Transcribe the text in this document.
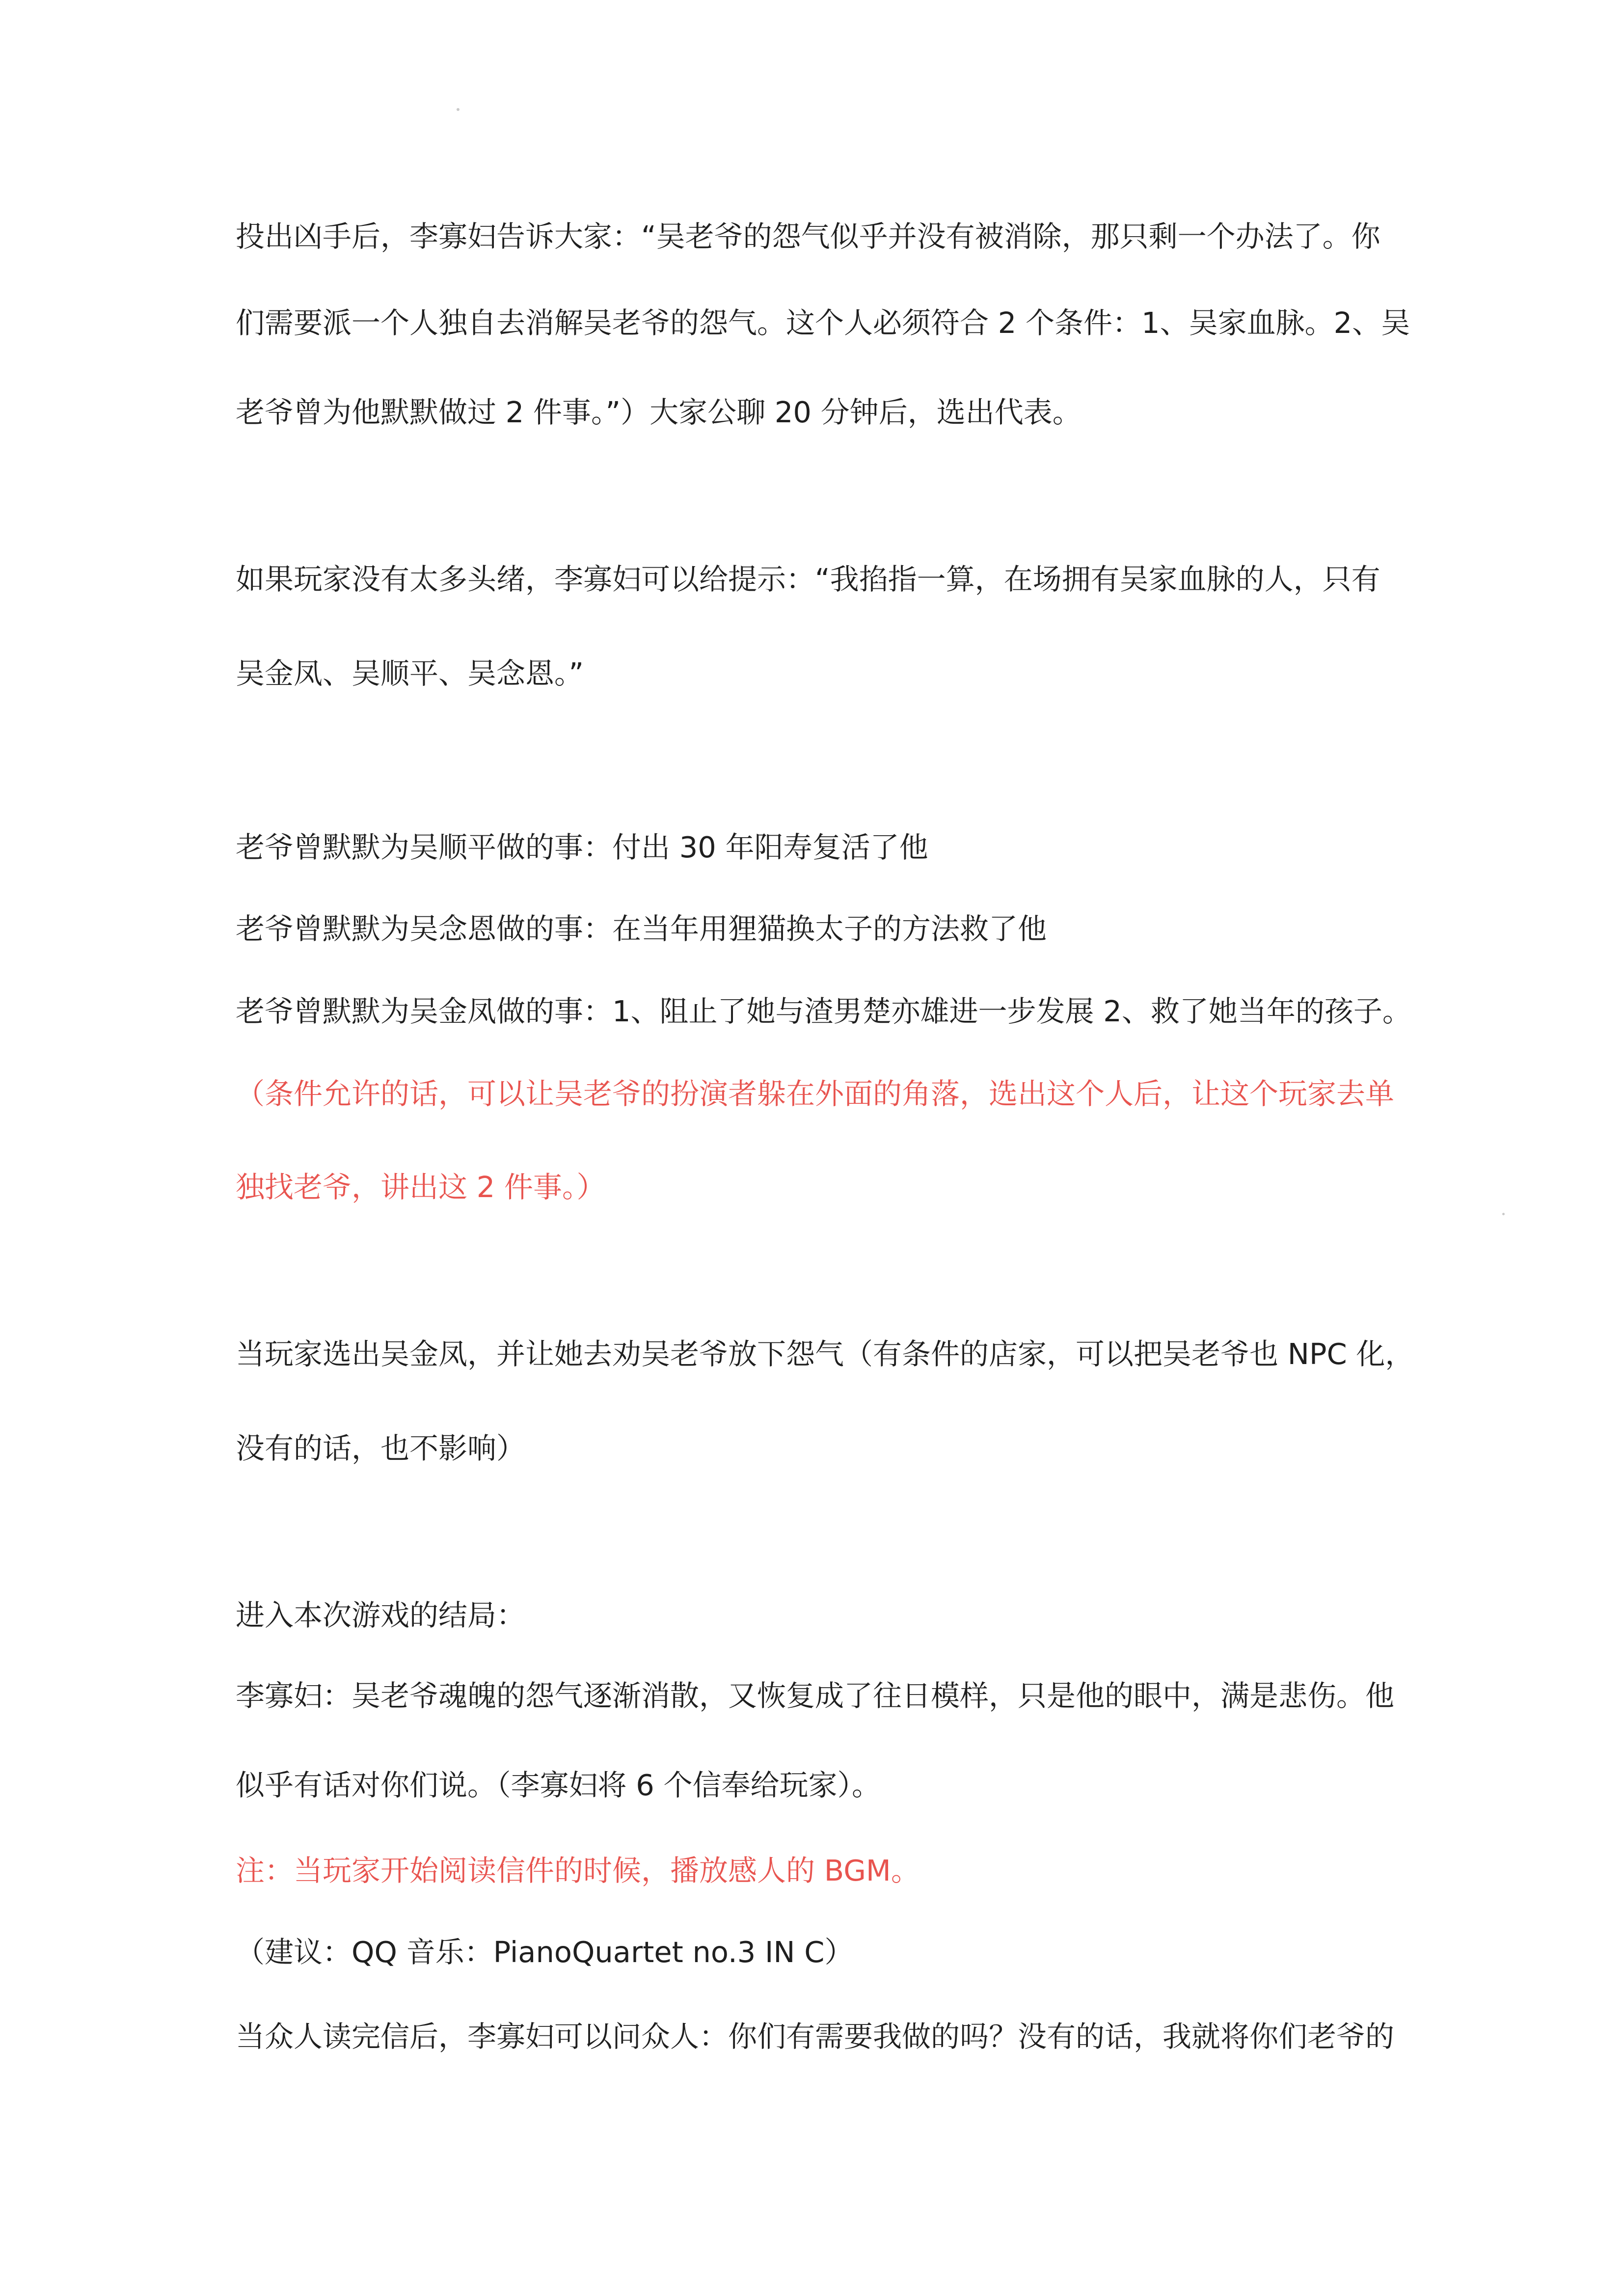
投出凶手后，李寡妇告诉大家：“吴老爷的怨气似乎并没有被消除，那只剩一个办法了。你
们需要派一个人独自去消解吴老爷的怨气。这个人必须符合 2 个条件：1、吴家血脉。2、吴
老爷曾为他默默做过 2 件事。”）大家公聊 20 分钟后，选出代表。
如果玩家没有太多头绪，李寡妇可以给提示：“我掐指一算，在场拥有吴家血脉的人，只有
吴金凤、吴顺平、吴念恩。”
老爷曾默默为吴顺平做的事：付出 30 年阳寿复活了他
老爷曾默默为吴念恩做的事：在当年用狸猫换太子的方法救了他
老爷曾默默为吴金凤做的事：1、阻止了她与渣男楚亦雄进一步发展 2、救了她当年的孩子。
（条件允许的话，可以让吴老爷的扮演者躲在外面的角落，选出这个人后，让这个玩家去单
独找老爷，讲出这 2 件事。）
当玩家选出吴金凤，并让她去劝吴老爷放下怨气（有条件的店家，可以把吴老爷也 NPC 化，
没有的话，也不影响）
进入本次游戏的结局：
李寡妇：吴老爷魂魄的怨气逐渐消散，又恢复成了往日模样，只是他的眼中，满是悲伤。他
似乎有话对你们说。（李寡妇将 6 个信奉给玩家）。
注：当玩家开始阅读信件的时候，播放感人的 BGM。
（建议：QQ 音乐：PianoQuartet no.3 IN C）
当众人读完信后，李寡妇可以问众人：你们有需要我做的吗？没有的话，我就将你们老爷的
